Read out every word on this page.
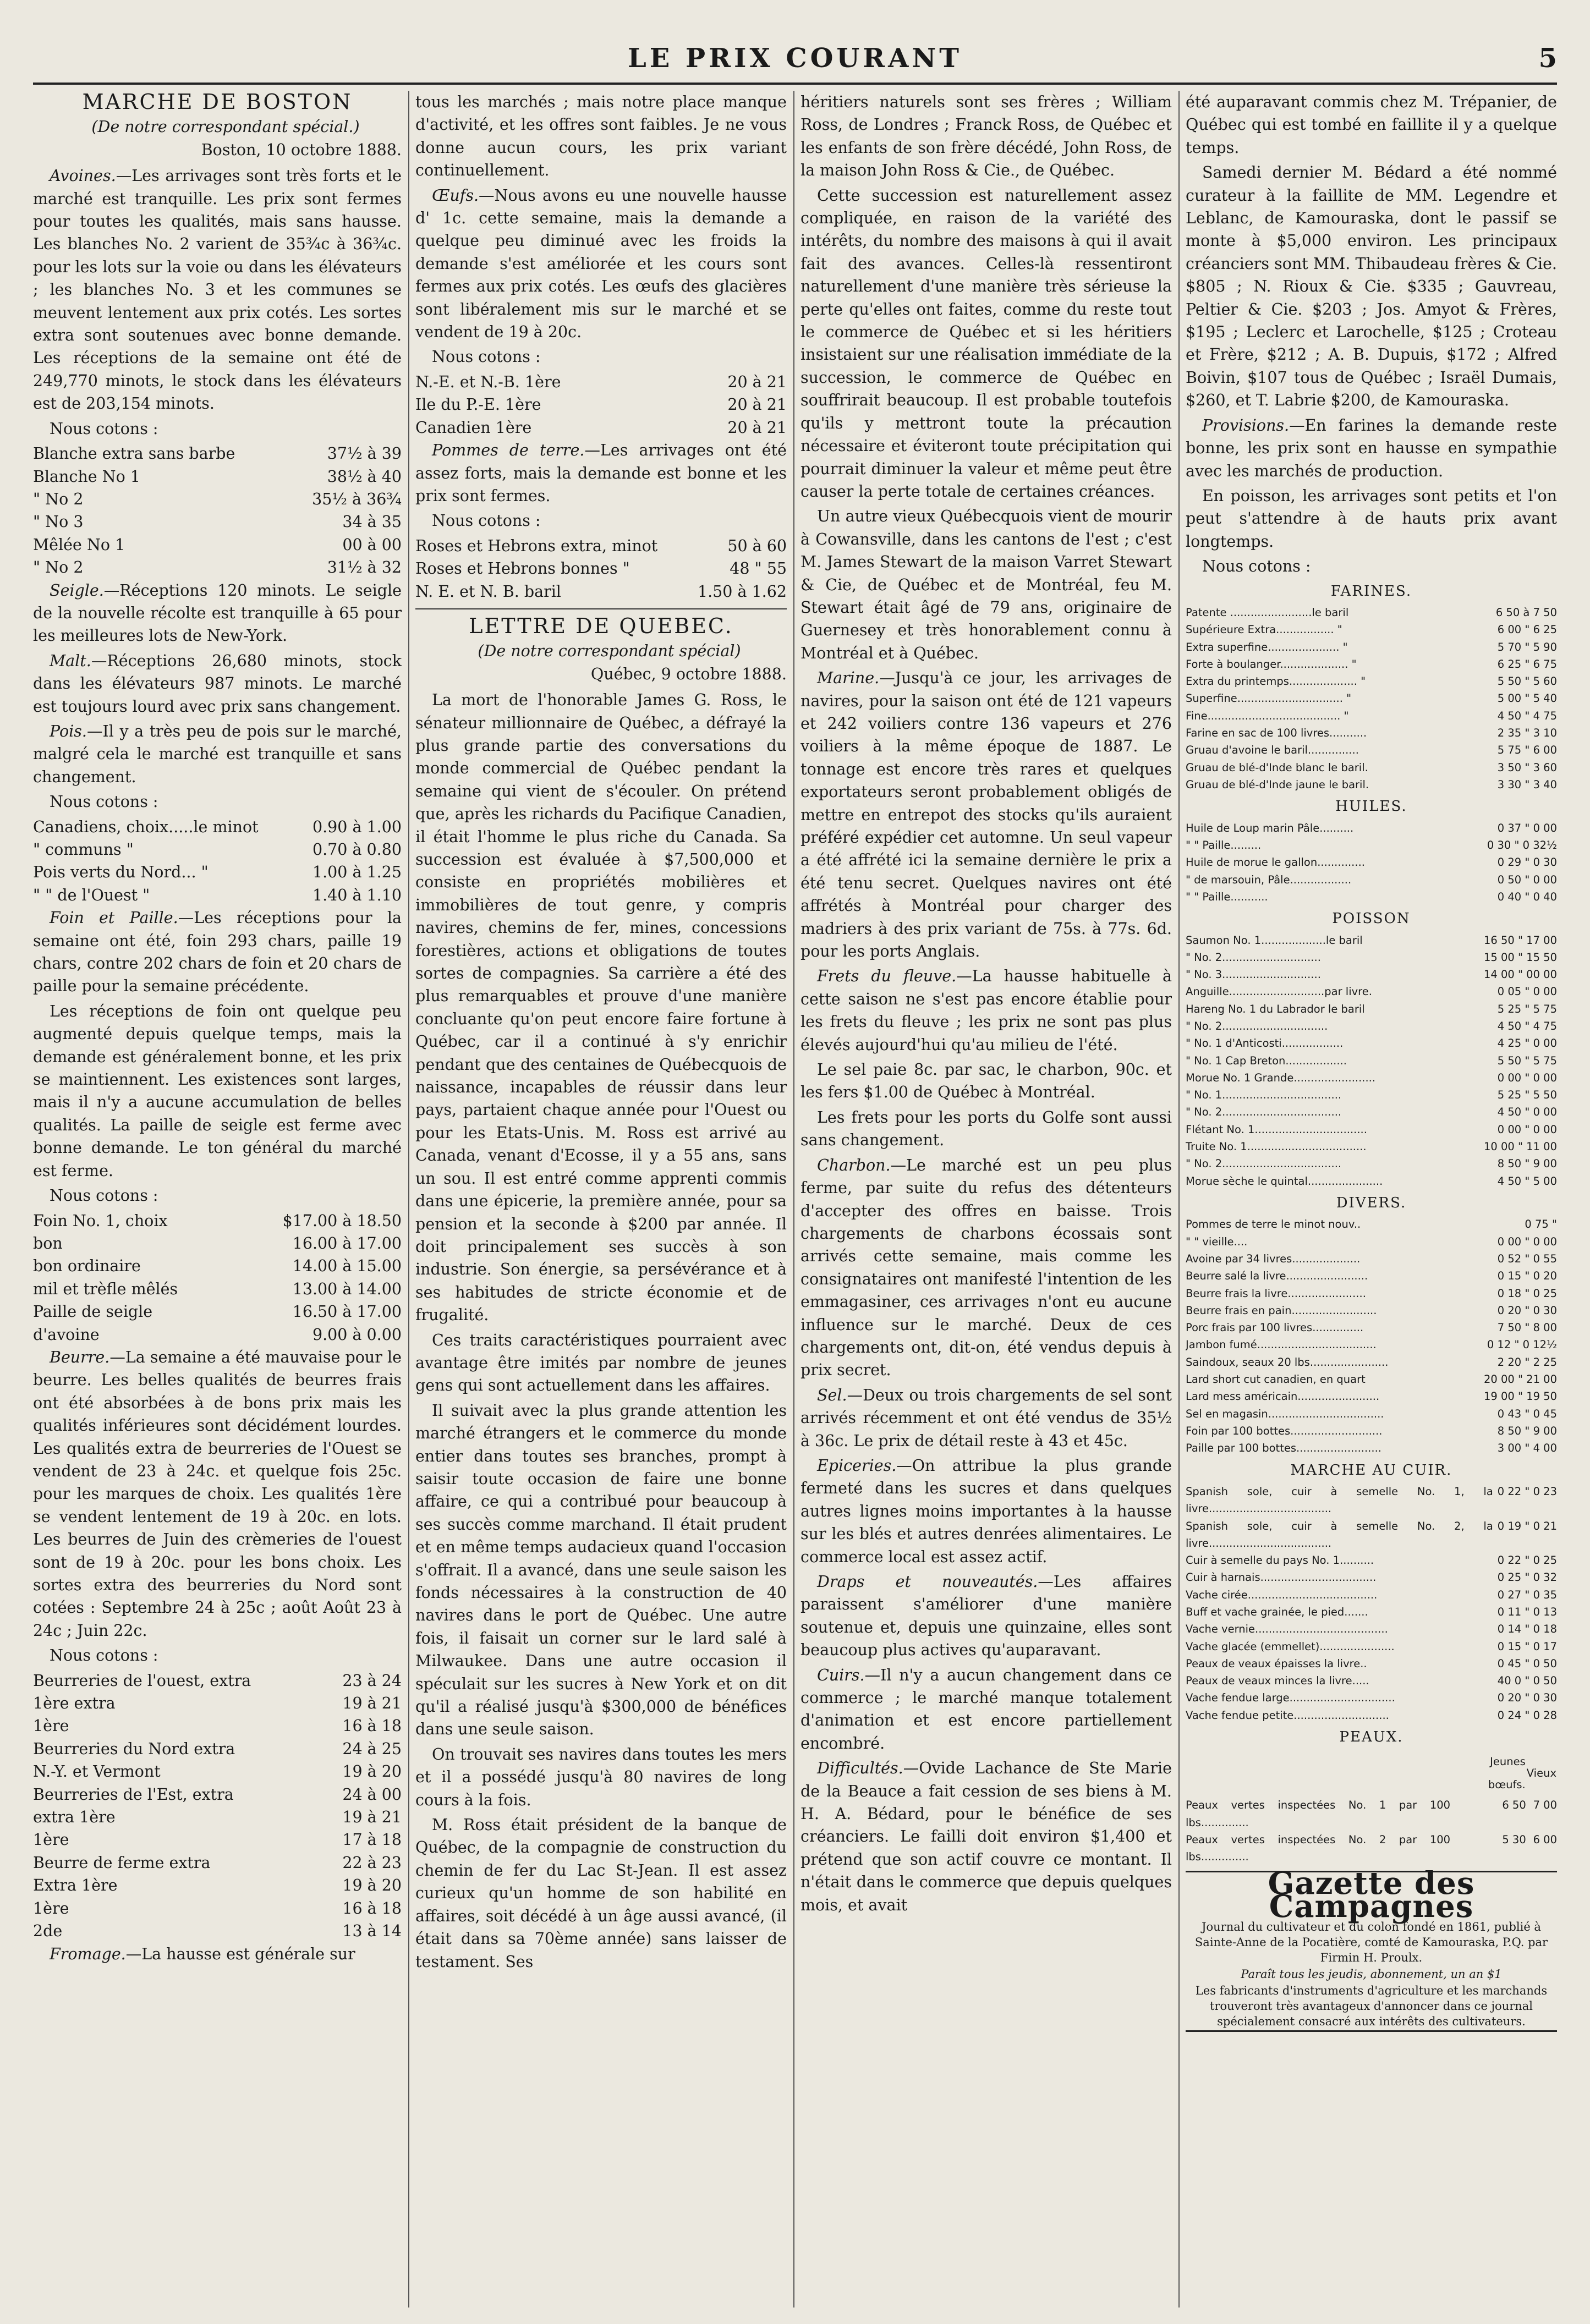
LE PRIX COURANT	5
MARCHE DE BOSTON

(De notre correspondant spécial.)

Boston, 10 octobre 1888.

Avoines.—Les arrivages sont très forts et le marché est tranquille. Les prix sont fermes pour toutes les qualités, mais sans hausse. Les blanches No. 2 varient de 35¾c à 36¾c. pour les lots sur la voie ou dans les élévateurs ; les blanches No. 3 et les communes se meuvent lentement aux prix cotés. Les sortes extra sont soutenues avec bonne demande. Les réceptions de la semaine ont été de 249,770 minots, le stock dans les élévateurs est de 203,154 minots.

Nous cotons :

Blanche extra sans barbe	37½ à 39
Blanche No 1	38½ à 40
" No 2	35½ à 36¾
" No 3	34 à 35
Mêlée No 1	00 à 00
" No 2	31½ à 32

Seigle.—Réceptions 120 minots. Le seigle de la nouvelle récolte est tranquille à 65 pour les meilleures lots de New-York.

Malt.—Réceptions 26,680 minots, stock dans les élévateurs 987 minots. Le marché est toujours lourd avec prix sans changement.

Pois.—Il y a très peu de pois sur le marché, malgré cela le marché est tranquille et sans changement.

Nous cotons :

Canadiens, choix.....le minot	0.90 à 1.00
" communs "	0.70 à 0.80
Pois verts du Nord... "	1.00 à 1.25
" " de l'Ouest "	1.40 à 1.10

Foin et Paille.—Les réceptions pour la semaine ont été, foin 293 chars, paille 19 chars, contre 202 chars de foin et 20 chars de paille pour la semaine précédente.

Les réceptions de foin ont quelque peu augmenté depuis quelque temps, mais la demande est généralement bonne, et les prix se maintiennent. Les existences sont larges, mais il n'y a aucune accumulation de belles qualités. La paille de seigle est ferme avec bonne demande. Le ton général du marché est ferme.

Nous cotons :

Foin No. 1, choix	$17.00 à 18.50
bon	16.00 à 17.00
bon ordinaire	14.00 à 15.00
mil et trèfle mêlés	13.00 à 14.00
Paille de seigle	16.50 à 17.00
d'avoine	9.00 à 0.00

Beurre.—La semaine a été mauvaise pour le beurre. Les belles qualités de beurres frais ont été absorbées à de bons prix mais les qualités inférieures sont décidément lourdes. Les qualités extra de beurreries de l'Ouest se vendent de 23 à 24c. et quelque fois 25c. pour les marques de choix. Les qualités 1ère se vendent lentement de 19 à 20c. en lots. Les beurres de Juin des crèmeries de l'ouest sont de 19 à 20c. pour les bons choix. Les sortes extra des beurreries du Nord sont cotées : Septembre 24 à 25c ; août Août 23 à 24c ; Juin 22c.

Nous cotons :

Beurreries de l'ouest, extra	23 à 24
1ère extra	19 à 21
1ère	16 à 18
Beurreries du Nord extra	24 à 25
N.-Y. et Vermont	19 à 20
Beurreries de l'Est, extra	24 à 00
extra 1ère	19 à 21
1ère	17 à 18
Beurre de ferme extra	22 à 23
Extra 1ère	19 à 20
1ère	16 à 18
2de	13 à 14

Fromage.—La hausse est générale sur

tous les marchés ; mais notre place manque d'activité, et les offres sont faibles. Je ne vous donne aucun cours, les prix variant continuellement.

Œufs.—Nous avons eu une nouvelle hausse d' 1c. cette semaine, mais la demande a quelque peu diminué avec les froids la demande s'est améliorée et les cours sont fermes aux prix cotés. Les œufs des glacières sont libéralement mis sur le marché et se vendent de 19 à 20c.

Nous cotons :

N.-E. et N.-B. 1ère	20 à 21
Ile du P.-E. 1ère	20 à 21
Canadien 1ère	20 à 21

Pommes de terre.—Les arrivages ont été assez forts, mais la demande est bonne et les prix sont fermes.

Nous cotons :

Roses et Hebrons extra, minot	50 à 60
Roses et Hebrons bonnes "	48 " 55
N. E. et N. B. baril	1.50 à 1.62
LETTRE DE QUEBEC.

(De notre correspondant spécial)

Québec, 9 octobre 1888.

La mort de l'honorable James G. Ross, le sénateur millionnaire de Québec, a défrayé la plus grande partie des conversations du monde commercial de Québec pendant la semaine qui vient de s'écouler. On prétend que, après les richards du Pacifique Canadien, il était l'homme le plus riche du Canada. Sa succession est évaluée à $7,500,000 et consiste en propriétés mobilières et immobilières de tout genre, y compris navires, chemins de fer, mines, concessions forestières, actions et obligations de toutes sortes de compagnies. Sa carrière a été des plus remarquables et prouve d'une manière concluante qu'on peut encore faire fortune à Québec, car il a continué à s'y enrichir pendant que des centaines de Québecquois de naissance, incapables de réussir dans leur pays, partaient chaque année pour l'Ouest ou pour les Etats-Unis. M. Ross est arrivé au Canada, venant d'Ecosse, il y a 55 ans, sans un sou. Il est entré comme apprenti commis dans une épicerie, la première année, pour sa pension et la seconde à $200 par année. Il doit principalement ses succès à son industrie. Son énergie, sa persévérance et à ses habitudes de stricte économie et de frugalité.

Ces traits caractéristiques pourraient avec avantage être imités par nombre de jeunes gens qui sont actuellement dans les affaires.

Il suivait avec la plus grande attention les marché étrangers et le commerce du monde entier dans toutes ses branches, prompt à saisir toute occasion de faire une bonne affaire, ce qui a contribué pour beaucoup à ses succès comme marchand. Il était prudent et en même temps audacieux quand l'occasion s'offrait. Il a avancé, dans une seule saison les fonds nécessaires à la construction de 40 navires dans le port de Québec. Une autre fois, il faisait un corner sur le lard salé à Milwaukee. Dans une autre occasion il spéculait sur les sucres à New York et on dit qu'il a réalisé jusqu'à $300,000 de bénéfices dans une seule saison.

On trouvait ses navires dans toutes les mers et il a possédé jusqu'à 80 navires de long cours à la fois.

M. Ross était président de la banque de Québec, de la compagnie de construction du chemin de fer du Lac St-Jean. Il est assez curieux qu'un homme de son habilité en affaires, soit décédé à un âge aussi avancé, (il était dans sa 70ème année) sans laisser de testament. Ses

héritiers naturels sont ses frères ; William Ross, de Londres ; Franck Ross, de Québec et les enfants de son frère décédé, John Ross, de la maison John Ross & Cie., de Québec.

Cette succession est naturellement assez compliquée, en raison de la variété des intérêts, du nombre des maisons à qui il avait fait des avances. Celles-là ressentiront naturellement d'une manière très sérieuse la perte qu'elles ont faites, comme du reste tout le commerce de Québec et si les héritiers insistaient sur une réalisation immédiate de la succession, le commerce de Québec en souffrirait beaucoup. Il est probable toutefois qu'ils y mettront toute la précaution nécessaire et éviteront toute précipitation qui pourrait diminuer la valeur et même peut être causer la perte totale de certaines créances.

Un autre vieux Québecquois vient de mourir à Cowansville, dans les cantons de l'est ; c'est M. James Stewart de la maison Varret Stewart & Cie, de Québec et de Montréal, feu M. Stewart était âgé de 79 ans, originaire de Guernesey et très honorablement connu à Montréal et à Québec.

Marine.—Jusqu'à ce jour, les arrivages de navires, pour la saison ont été de 121 vapeurs et 242 voiliers contre 136 vapeurs et 276 voiliers à la même époque de 1887. Le tonnage est encore très rares et quelques exportateurs seront probablement obligés de mettre en entrepot des stocks qu'ils auraient préféré expédier cet automne. Un seul vapeur a été affrété ici la semaine dernière le prix a été tenu secret. Quelques navires ont été affrétés à Montréal pour charger des madriers à des prix variant de 75s. à 77s. 6d. pour les ports Anglais.

Frets du fleuve.—La hausse habituelle à cette saison ne s'est pas encore établie pour les frets du fleuve ; les prix ne sont pas plus élevés aujourd'hui qu'au milieu de l'été.

Le sel paie 8c. par sac, le charbon, 90c. et les fers $1.00 de Québec à Montréal.

Les frets pour les ports du Golfe sont aussi sans changement.

Charbon.—Le marché est un peu plus ferme, par suite du refus des détenteurs d'accepter des offres en baisse. Trois chargements de charbons écossais sont arrivés cette semaine, mais comme les consignataires ont manifesté l'intention de les emmagasiner, ces arrivages n'ont eu aucune influence sur le marché. Deux de ces chargements ont, dit-on, été vendus depuis à prix secret.

Sel.—Deux ou trois chargements de sel sont arrivés récemment et ont été vendus de 35½ à 36c. Le prix de détail reste à 43 et 45c.

Epiceries.—On attribue la plus grande fermeté dans les sucres et dans quelques autres lignes moins importantes à la hausse sur les blés et autres denrées alimentaires. Le commerce local est assez actif.

Draps et nouveautés.—Les affaires paraissent s'améliorer d'une manière soutenue et, depuis une quinzaine, elles sont beaucoup plus actives qu'auparavant.

Cuirs.—Il n'y a aucun changement dans ce commerce ; le marché manque totalement d'animation et est encore partiellement encombré.

Difficultés.—Ovide Lachance de Ste Marie de la Beauce a fait cession de ses biens à M. H. A. Bédard, pour le bénéfice de ses créanciers. Le failli doit environ $1,400 et prétend que son actif couvre ce montant. Il n'était dans le commerce que depuis quelques mois, et avait

été auparavant commis chez M. Trépanier, de Québec qui est tombé en faillite il y a quelque temps.

Samedi dernier M. Bédard a été nommé curateur à la faillite de MM. Legendre et Leblanc, de Kamouraska, dont le passif se monte à $5,000 environ. Les principaux créanciers sont MM. Thibaudeau frères & Cie. $805 ; N. Rioux & Cie. $335 ; Gauvreau, Peltier & Cie. $203 ; Jos. Amyot & Frères, $195 ; Leclerc et Larochelle, $125 ; Croteau et Frère, $212 ; A. B. Dupuis, $172 ; Alfred Boivin, $107 tous de Québec ; Israël Dumais, $260, et T. Labrie $200, de Kamouraska.

Provisions.—En farines la demande reste bonne, les prix sont en hausse en sympathie avec les marchés de production.

En poisson, les arrivages sont petits et l'on peut s'attendre à de hauts prix avant longtemps.

Nous cotons :

FARINES.
Patente ........................le baril	6 50 à 7 50
Supérieure Extra................. "	6 00 " 6 25
Extra superfine..................... "	5 70 " 5 90
Forte à boulanger.................... "	6 25 " 6 75
Extra du printemps.................... "	5 50 " 5 60
Superfine............................... "	5 00 " 5 40
Fine....................................... "	4 50 " 4 75
Farine en sac de 100 livres...........	2 35 " 3 10
Gruau d'avoine le baril...............	5 75 " 6 00
Gruau de blé-d'Inde blanc le baril.	3 50 " 3 60
Gruau de blé-d'Inde jaune le baril.	3 30 " 3 40
HUILES.
Huile de Loup marin Pâle..........	0 37 " 0 00
" " Paille.........	0 30 " 0 32½
Huile de morue le gallon..............	0 29 " 0 30
" de marsouin, Pâle..................	0 50 " 0 00
" " Paille...........	0 40 " 0 40
POISSON
Saumon No. 1...................le baril	16 50 " 17 00
" No. 2.............................	15 00 " 15 50
" No. 3.............................	14 00 " 00 00
Anguille............................par livre.	0 05 " 0 00
Hareng No. 1 du Labrador le baril	5 25 " 5 75
" No. 2...............................	4 50 " 4 75
" No. 1 d'Anticosti..................	4 25 " 0 00
" No. 1 Cap Breton..................	5 50 " 5 75
Morue No. 1 Grande........................	0 00 " 0 00
" No. 1...................................	5 25 " 5 50
" No. 2...................................	4 50 " 0 00
Flétant No. 1.................................	0 00 " 0 00
Truite No. 1...................................	10 00 " 11 00
" No. 2...................................	8 50 " 9 00
Morue sèche le quintal......................	4 50 " 5 00
DIVERS.
Pommes de terre le minot nouv..	0 75 "
" " vieille....	0 00 " 0 00
Avoine par 34 livres....................	0 52 " 0 55
Beurre salé la livre........................	0 15 " 0 20
Beurre frais la livre.......................	0 18 " 0 25
Beurre frais en pain.........................	0 20 " 0 30
Porc frais par 100 livres...............	7 50 " 8 00
Jambon fumé...................................	0 12 " 0 12½
Saindoux, seaux 20 lbs.......................	2 20 " 2 25
Lard short cut canadien, en quart	20 00 " 21 00
Lard mess américain........................	19 00 " 19 50
Sel en magasin..................................	0 43 " 0 45
Foin par 100 bottes...........................	8 50 " 9 00
Paille par 100 bottes.........................	3 00 " 4 00
MARCHE AU CUIR.
Spanish sole, cuir à semelle No. 1, la livre....................................	0 22 " 0 23
Spanish sole, cuir à semelle No. 2, la livre....................................	0 19 " 0 21
Cuir à semelle du pays No. 1..........	0 22 " 0 25
Cuir à harnais..................................	0 25 " 0 32
Vache cirée......................................	0 27 " 0 35
Buff et vache grainée, le pied.......	0 11 " 0 13
Vache vernie.......................................	0 14 " 0 18
Vache glacée (emmellet)......................	0 15 " 0 17
Peaux de veaux épaisses la livre..	0 45 " 0 50
Peaux de veaux minces la livre.....	40 0 " 0 50
Vache fendue large...............................	0 20 " 0 30
Vache fendue petite............................	0 24 " 0 28
PEAUX.
	Jeunes bœufs.	Vieux
Peaux vertes inspectées No. 1 par 100 lbs..............	6 50	7 00
Peaux vertes inspectées No. 2 par 100 lbs..............	5 30	6 00
Gazette des Campagnes

Journal du cultivateur et du colon fondé en 1861, publié à Sainte-Anne de la Pocatière, comté de Kamouraska, P.Q. par Firmin H. Proulx.

Paraît tous les jeudis, abonnement, un an $1

Les fabricants d'instruments d'agriculture et les marchands trouveront très avantageux d'annoncer dans ce journal spécialement consacré aux intérêts des cultivateurs.
